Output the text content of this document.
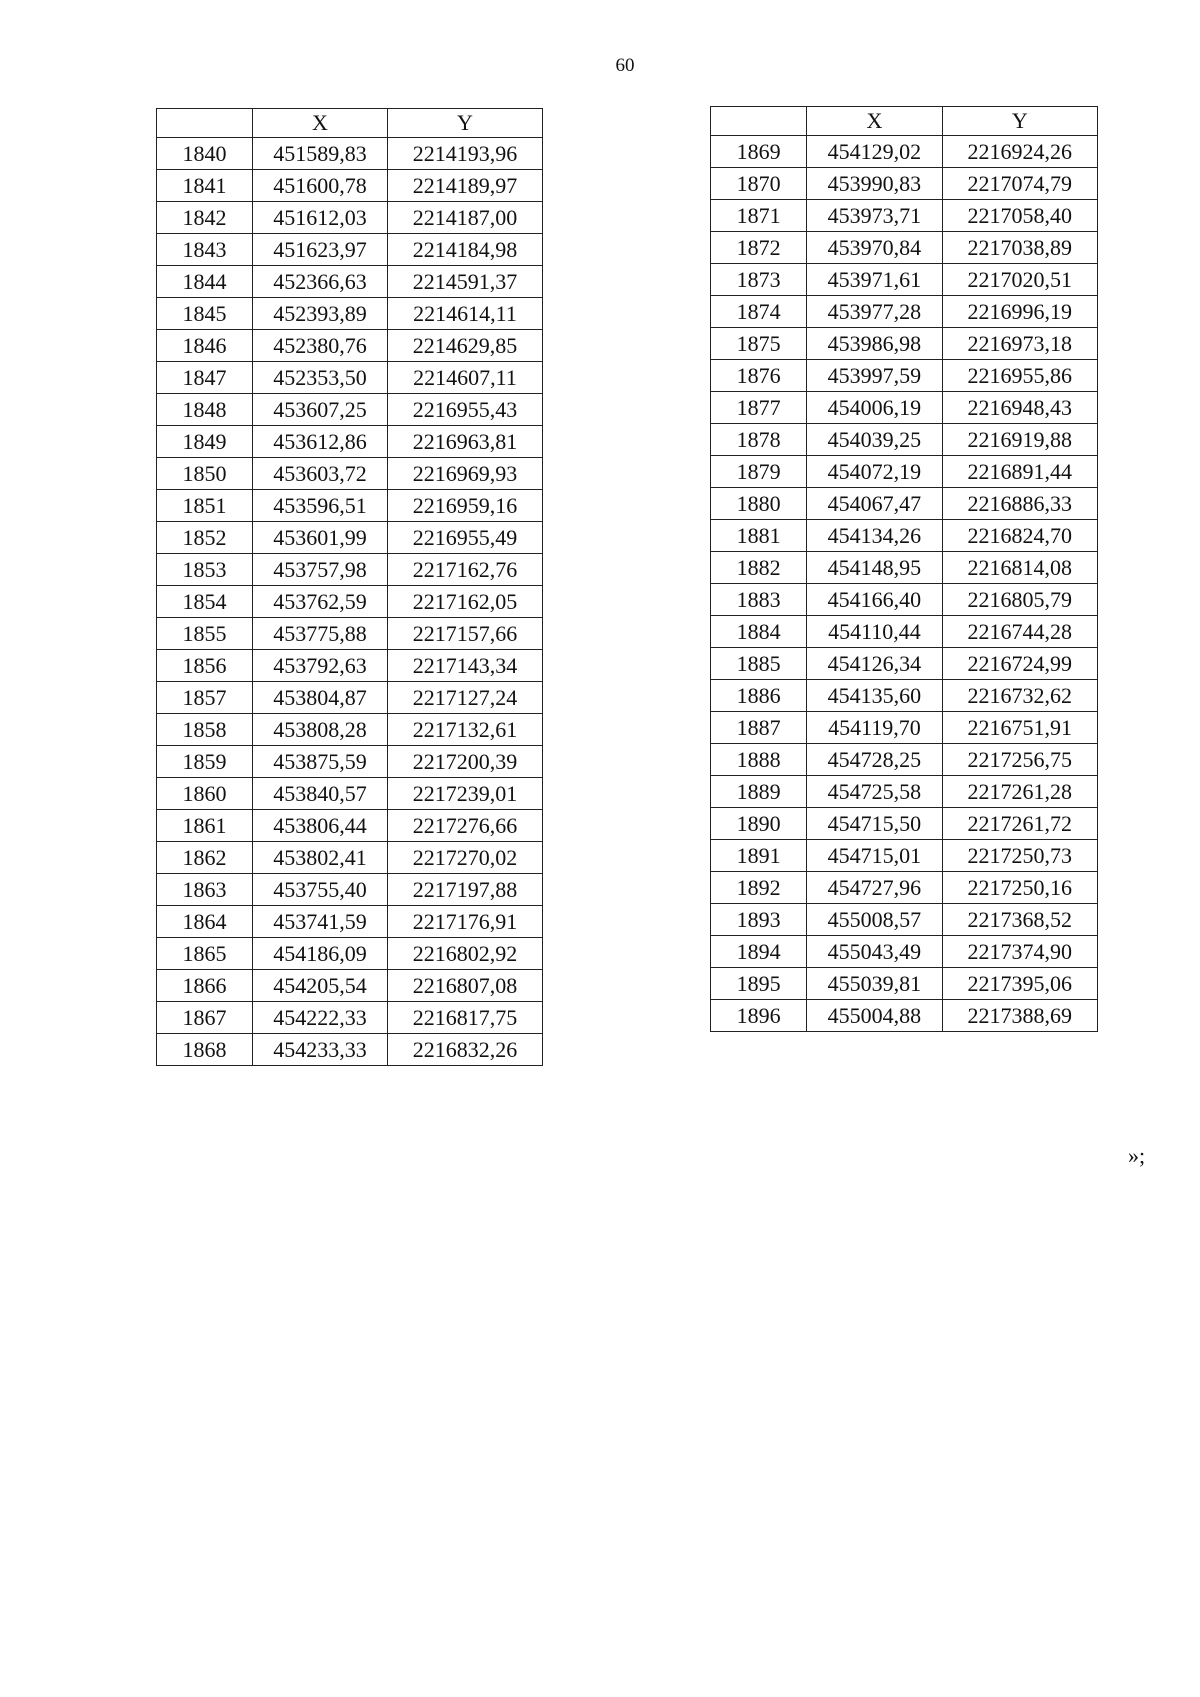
60
	X	Y
1840	451589,83	2214193,96
1841	451600,78	2214189,97
1842	451612,03	2214187,00
1843	451623,97	2214184,98
1844	452366,63	2214591,37
1845	452393,89	2214614,11
1846	452380,76	2214629,85
1847	452353,50	2214607,11
1848	453607,25	2216955,43
1849	453612,86	2216963,81
1850	453603,72	2216969,93
1851	453596,51	2216959,16
1852	453601,99	2216955,49
1853	453757,98	2217162,76
1854	453762,59	2217162,05
1855	453775,88	2217157,66
1856	453792,63	2217143,34
1857	453804,87	2217127,24
1858	453808,28	2217132,61
1859	453875,59	2217200,39
1860	453840,57	2217239,01
1861	453806,44	2217276,66
1862	453802,41	2217270,02
1863	453755,40	2217197,88
1864	453741,59	2217176,91
1865	454186,09	2216802,92
1866	454205,54	2216807,08
1867	454222,33	2216817,75
1868	454233,33	2216832,26
	X	Y
1869	454129,02	2216924,26
1870	453990,83	2217074,79
1871	453973,71	2217058,40
1872	453970,84	2217038,89
1873	453971,61	2217020,51
1874	453977,28	2216996,19
1875	453986,98	2216973,18
1876	453997,59	2216955,86
1877	454006,19	2216948,43
1878	454039,25	2216919,88
1879	454072,19	2216891,44
1880	454067,47	2216886,33
1881	454134,26	2216824,70
1882	454148,95	2216814,08
1883	454166,40	2216805,79
1884	454110,44	2216744,28
1885	454126,34	2216724,99
1886	454135,60	2216732,62
1887	454119,70	2216751,91
1888	454728,25	2217256,75
1889	454725,58	2217261,28
1890	454715,50	2217261,72
1891	454715,01	2217250,73
1892	454727,96	2217250,16
1893	455008,57	2217368,52
1894	455043,49	2217374,90
1895	455039,81	2217395,06
1896	455004,88	2217388,69
»;
